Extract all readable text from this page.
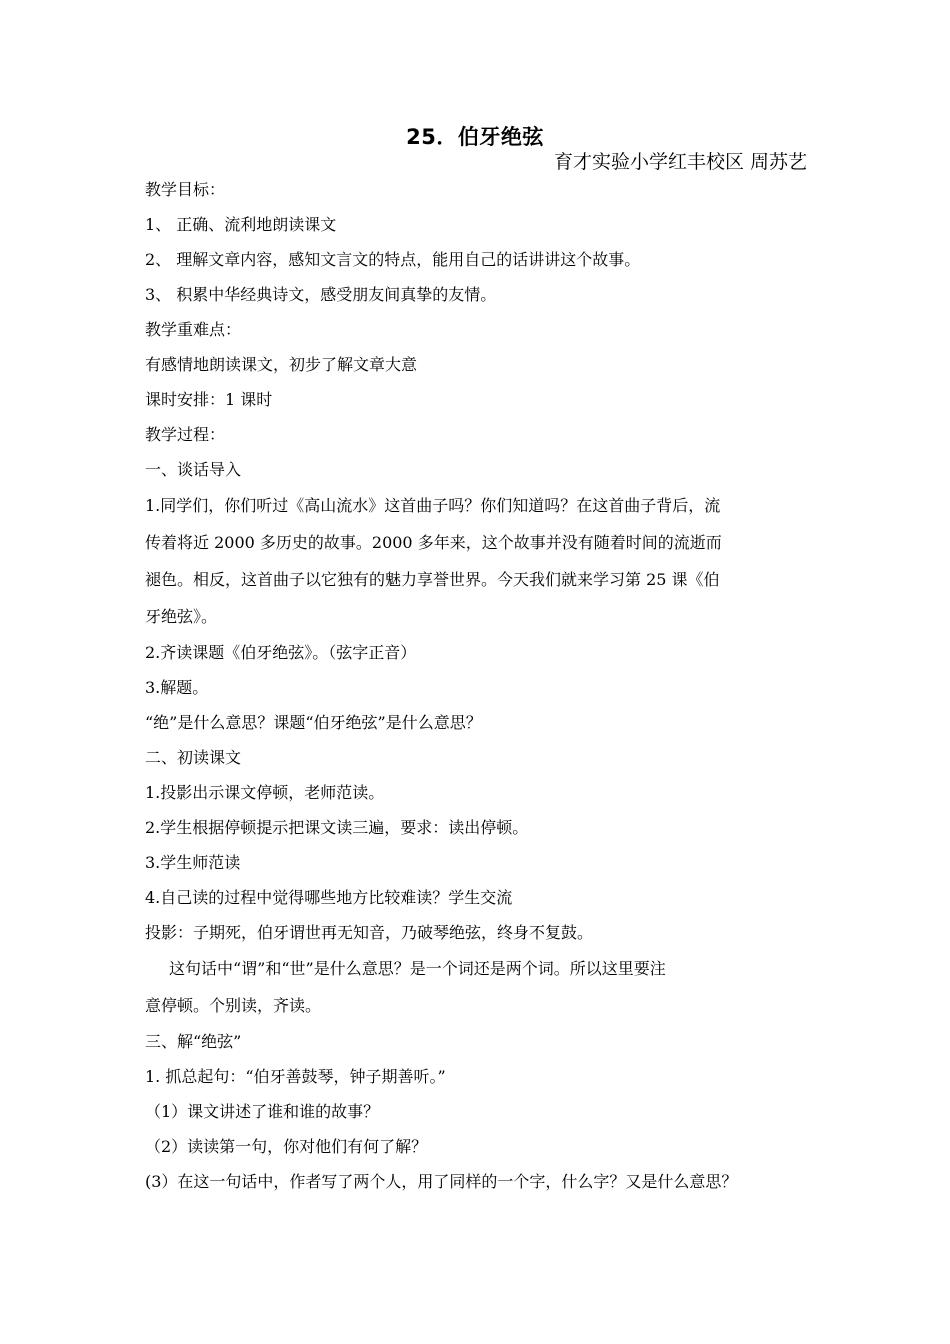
25．伯牙绝弦
育才实验小学红丰校区 周苏艺
教学目标：
1、 正确、流利地朗读课文
2、 理解文章内容，感知文言文的特点，能用自己的话讲讲这个故事。
3、 积累中华经典诗文，感受朋友间真挚的友情。
教学重难点：
有感情地朗读课文，初步了解文章大意
课时安排：1 课时
教学过程：
一、谈话导入
1.同学们，你们听过《高山流水》这首曲子吗？你们知道吗？在这首曲子背后，流
传着将近 2000 多历史的故事。2000 多年来，这个故事并没有随着时间的流逝而
褪色。相反，这首曲子以它独有的魅力享誉世界。今天我们就来学习第 25 课《伯
牙绝弦》。
2.齐读课题《伯牙绝弦》。（弦字正音）
3.解题。
“绝”是什么意思？课题“伯牙绝弦”是什么意思？
二、初读课文
1.投影出示课文停顿，老师范读。
2.学生根据停顿提示把课文读三遍，要求：读出停顿。
3.学生师范读
4.自己读的过程中觉得哪些地方比较难读？学生交流
投影：子期死，伯牙谓世再无知音，乃破琴绝弦，终身不复鼓。
这句话中“谓”和“世”是什么意思？是一个词还是两个词。所以这里要注
意停顿。个别读，齐读。
三、解“绝弦”
1. 抓总起句：“伯牙善鼓琴，钟子期善听。”
（1）课文讲述了谁和谁的故事？
（2）读读第一句，你对他们有何了解？
(3）在这一句话中，作者写了两个人，用了同样的一个字，什么字？又是什么意思？
